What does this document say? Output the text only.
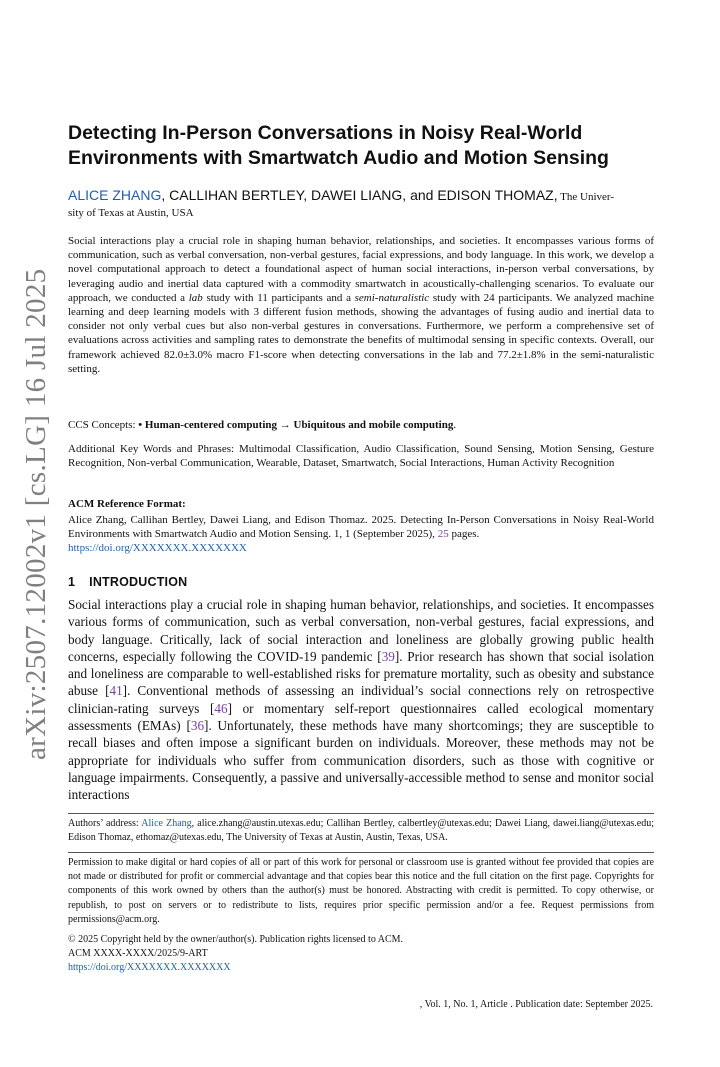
arXiv:2507.12002v1 [cs.LG] 16 Jul 2025
Detecting In-Person Conversations in Noisy Real-World Environments with Smartwatch Audio and Motion Sensing
ALICE ZHANG, CALLIHAN BERTLEY, DAWEI LIANG, and EDISON THOMAZ, The Univer-
sity of Texas at Austin, USA
Social interactions play a crucial role in shaping human behavior, relationships, and societies. It encompasses various forms of communication, such as verbal conversation, non-verbal gestures, facial expressions, and body language. In this work, we develop a novel computational approach to detect a foundational aspect of human social interactions, in-person verbal conversations, by leveraging audio and inertial data captured with a commodity smartwatch in acoustically-challenging scenarios. To evaluate our approach, we conducted a lab study with 11 participants and a semi-naturalistic study with 24 participants. We analyzed machine learning and deep learning models with 3 different fusion methods, showing the advantages of fusing audio and inertial data to consider not only verbal cues but also non-verbal gestures in conversations. Furthermore, we perform a comprehensive set of evaluations across activities and sampling rates to demonstrate the benefits of multimodal sensing in specific contexts. Overall, our framework achieved 82.0±3.0% macro F1-score when detecting conversations in the lab and 77.2±1.8% in the semi-naturalistic setting.
CCS Concepts: • Human-centered computing → Ubiquitous and mobile computing.
Additional Key Words and Phrases: Multimodal Classification, Audio Classification, Sound Sensing, Motion Sensing, Gesture Recognition, Non-verbal Communication, Wearable, Dataset, Smartwatch, Social Interactions, Human Activity Recognition
ACM Reference Format:
Alice Zhang, Callihan Bertley, Dawei Liang, and Edison Thomaz. 2025. Detecting In-Person Conversations in Noisy Real-World Environments with Smartwatch Audio and Motion Sensing. 1, 1 (September 2025), 25 pages.
https://doi.org/XXXXXXX.XXXXXXX
1 INTRODUCTION
Social interactions play a crucial role in shaping human behavior, relationships, and societies. It encompasses various forms of communication, such as verbal conversation, non-verbal gestures, facial expressions, and body language. Critically, lack of social interaction and loneliness are globally growing public health concerns, especially following the COVID-19 pandemic [39]. Prior research has shown that social isolation and loneliness are comparable to well-established risks for premature mortality, such as obesity and substance abuse [41]. Conventional methods of assessing an individual’s social connections rely on retrospective clinician-rating surveys [46] or momentary self-report questionnaires called ecological momentary assessments (EMAs) [36]. Unfortunately, these methods have many shortcomings; they are susceptible to recall biases and often impose a significant burden on individuals. Moreover, these methods may not be appropriate for individuals who suffer from communication disorders, such as those with cognitive or language impairments. Consequently, a passive and universally-accessible method to sense and monitor social interactions
Authors’ address: Alice Zhang, alice.zhang@austin.utexas.edu; Callihan Bertley, calbertley@utexas.edu; Dawei Liang, dawei.liang@utexas.edu; Edison Thomaz, ethomaz@utexas.edu, The University of Texas at Austin, Austin, Texas, USA.
Permission to make digital or hard copies of all or part of this work for personal or classroom use is granted without fee provided that copies are not made or distributed for profit or commercial advantage and that copies bear this notice and the full citation on the first page. Copyrights for components of this work owned by others than the author(s) must be honored. Abstracting with credit is permitted. To copy otherwise, or republish, to post on servers or to redistribute to lists, requires prior specific permission and/or a fee. Request permissions from permissions@acm.org.
© 2025 Copyright held by the owner/author(s). Publication rights licensed to ACM.
ACM XXXX-XXXX/2025/9-ART
https://doi.org/XXXXXXX.XXXXXXX
, Vol. 1, No. 1, Article . Publication date: September 2025.
